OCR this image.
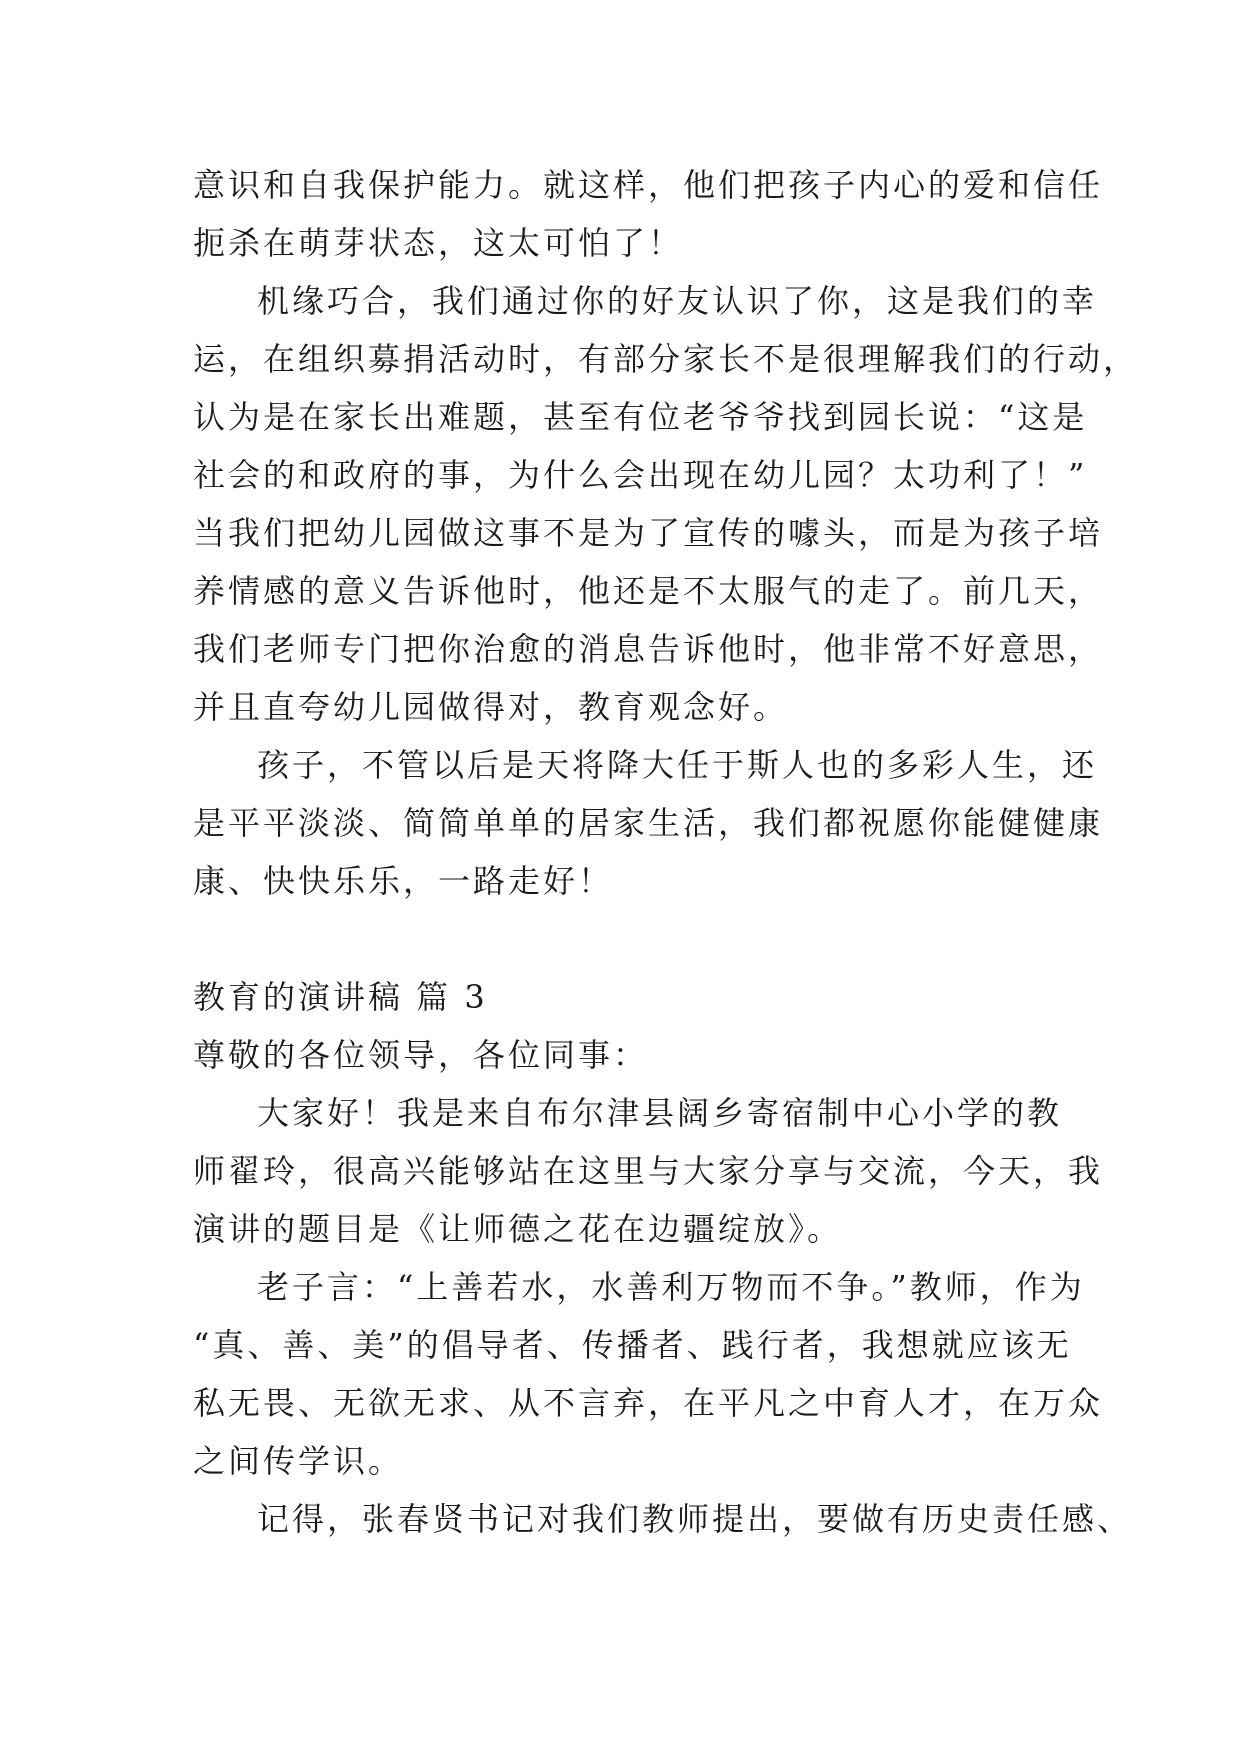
意识和自我保护能力。就这样，他们把孩子内心的爱和信任
扼杀在萌芽状态，这太可怕了！
机缘巧合，我们通过你的好友认识了你，这是我们的幸
运，在组织募捐活动时，有部分家长不是很理解我们的行动，
认为是在家长出难题，甚至有位老爷爷找到园长说：“这是
社会的和政府的事，为什么会出现在幼儿园？太功利了！”
当我们把幼儿园做这事不是为了宣传的噱头，而是为孩子培
养情感的意义告诉他时，他还是不太服气的走了。前几天，
我们老师专门把你治愈的消息告诉他时，他非常不好意思，
并且直夸幼儿园做得对，教育观念好。
孩子，不管以后是天将降大任于斯人也的多彩人生，还
是平平淡淡、简简单单的居家生活，我们都祝愿你能健健康
康、快快乐乐，一路走好！
教育的演讲稿 篇 3
尊敬的各位领导，各位同事：
大家好！我是来自布尔津县阔乡寄宿制中心小学的教
师翟玲，很高兴能够站在这里与大家分享与交流，今天，我
演讲的题目是《让师德之花在边疆绽放》。
老子言：“上善若水，水善利万物而不争。”教师，作为
“真、善、美”的倡导者、传播者、践行者，我想就应该无
私无畏、无欲无求、从不言弃，在平凡之中育人才，在万众
之间传学识。
记得，张春贤书记对我们教师提出，要做有历史责任感、
